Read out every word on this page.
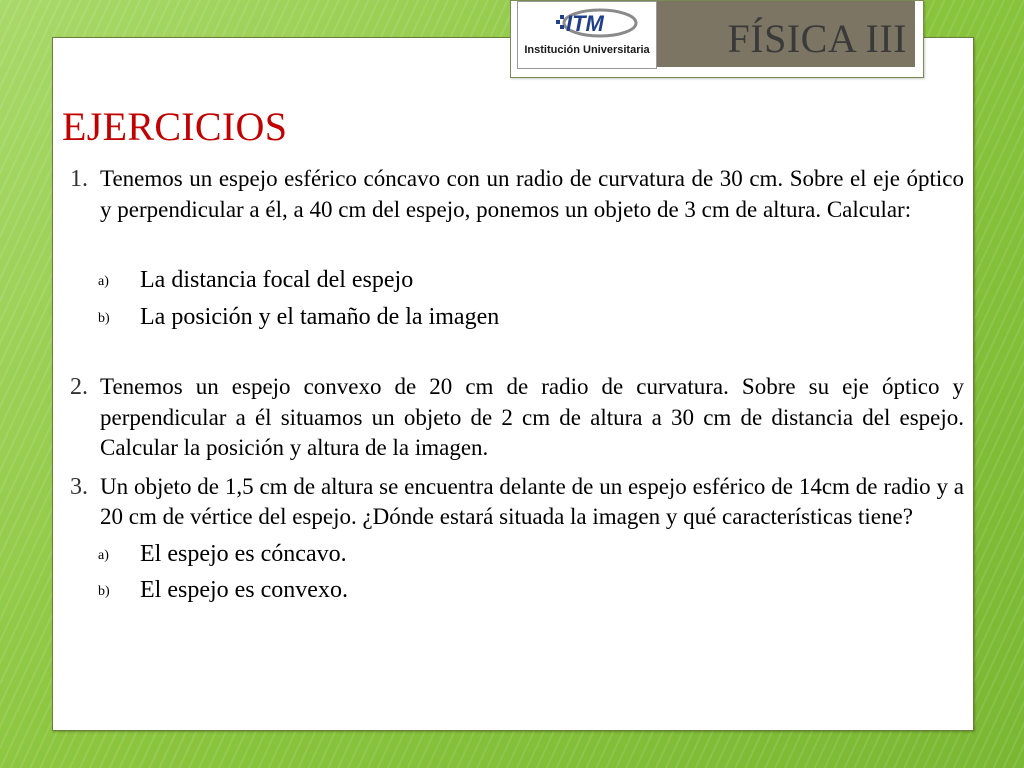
ITM
Institución Universitaria FÍSICA III
EJERCICIOS
1. Tenemos un espejo esférico cóncavo con un radio de curvatura de 30 cm. Sobre el eje óptico y perpendicular a él, a 40 cm del espejo, ponemos un objeto de 3 cm de altura. Calcular:
a) La distancia focal del espejo
b) La posición y el tamaño de la imagen
2. Tenemos un espejo convexo de 20 cm de radio de curvatura. Sobre su eje óptico y perpendicular a él situamos un objeto de 2 cm de altura a 30 cm de distancia del espejo. Calcular la posición y altura de la imagen.
3. Un objeto de 1,5 cm de altura se encuentra delante de un espejo esférico de 14cm de radio y a 20 cm de vértice del espejo. ¿Dónde estará situada la imagen y qué características tiene?
a) El espejo es cóncavo.
b) El espejo es convexo.
